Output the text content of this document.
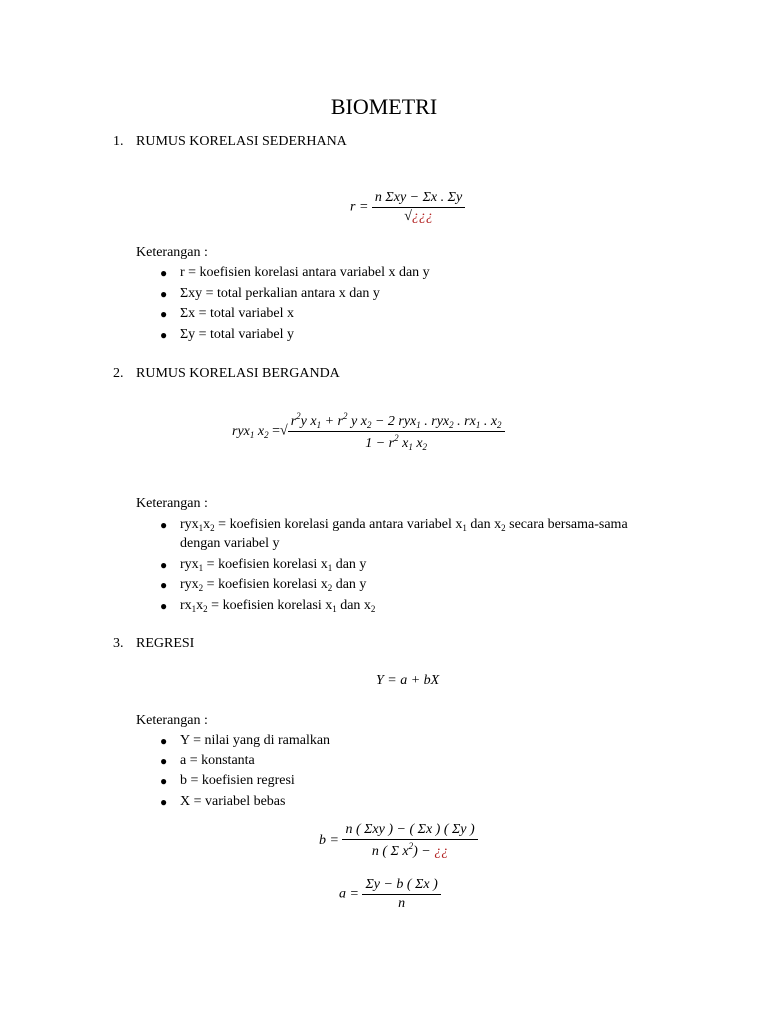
BIOMETRI
1. RUMUS KORELASI SEDERHANA
$r = \frac{\text{n Σxy − Σx . Σy}}{√¿¿¿}$
Keterangan :
● r = koefisien korelasi antara variabel x dan y
● Σxy = total perkalian antara x dan y
● Σx = total variabel x
● Σy = total variabel y
2. RUMUS KORELASI BERGANDA
ryx$_1$ $x_2$ =√ $\frac{r^2y x_1 + r^2 y x_2 - 2 ryx_1 . ryx_2 . rx_1 . x_2}{1 - r^2 x_1 x_2}$
Keterangan :
● $ryx_1x_2$ = koefisien korelasi ganda antara variabel $x_1$ dan $x_2$ secara bersama-sama
dengan variabel y
● ryx$_1$ = koefisien korelasi $x_1$ dan y
● ryx$_2$ = koefisien korelasi $x_2$ dan y
● $rx_1x_2$ = koefisien korelasi $x_1$ dan $x_2$
3. REGRESI
Y = a + bX
Keterangan :
● Y = nilai yang di ramalkan
● a = konstanta
● b = koefisien regresi
● X = variabel bebas
$b = \frac{\text{n ( Σxy ) − ( Σx ) ( Σy )}}{n ( \Sigma x^2) - ¿¿}$
$a = \frac{\Sigma y - b ( \Sigma x )}{n}$
